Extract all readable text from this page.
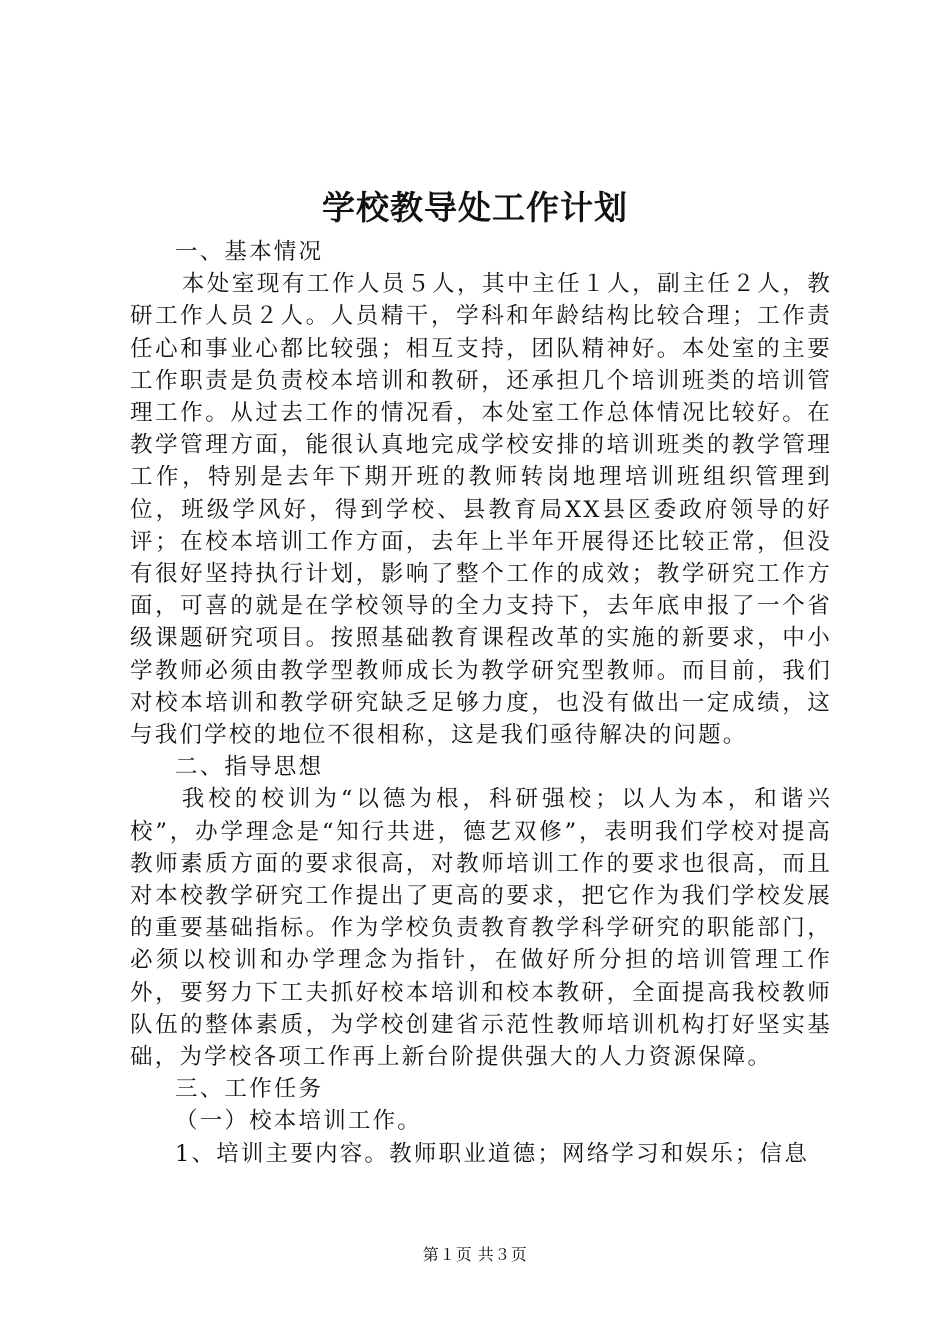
学校教导处工作计划

一、基本情况

本处室现有工作人员５人，其中主任１人，副主任２人，教研工作人员２人。人员精干，学科和年龄结构比较合理；工作责任心和事业心都比较强；相互支持，团队精神好。本处室的主要工作职责是负责校本培训和教研，还承担几个培训班类的培训管理工作。从过去工作的情况看，本处室工作总体情况比较好。在教学管理方面，能很认真地完成学校安排的培训班类的教学管理工作，特别是去年下期开班的教师转岗地理培训班组织管理到位，班级学风好，得到学校、县教育局XX县区委政府领导的好评；在校本培训工作方面，去年上半年开展得还比较正常，但没有很好坚持执行计划，影响了整个工作的成效；教学研究工作方面，可喜的就是在学校领导的全力支持下，去年底申报了一个省级课题研究项目。按照基础教育课程改革的实施的新要求，中小学教师必须由教学型教师成长为教学研究型教师。而目前，我们对校本培训和教学研究缺乏足够力度，也没有做出一定成绩，这与我们学校的地位不很相称，这是我们亟待解决的问题。

二、指导思想

我校的校训为“以德为根，科研强校；以人为本，和谐兴校”，办学理念是“知行共进，德艺双修”，表明我们学校对提高教师素质方面的要求很高，对教师培训工作的要求也很高，而且对本校教学研究工作提出了更高的要求，把它作为我们学校发展的重要基础指标。作为学校负责教育教学科学研究的职能部门，必须以校训和办学理念为指针，在做好所分担的培训管理工作外，要努力下工夫抓好校本培训和校本教研，全面提高我校教师队伍的整体素质，为学校创建省示范性教师培训机构打好坚实基础，为学校各项工作再上新台阶提供强大的人力资源保障。

三、工作任务

（一）校本培训工作。

1、培训主要内容。教师职业道德；网络学习和娱乐；信息

第１页 共３页
